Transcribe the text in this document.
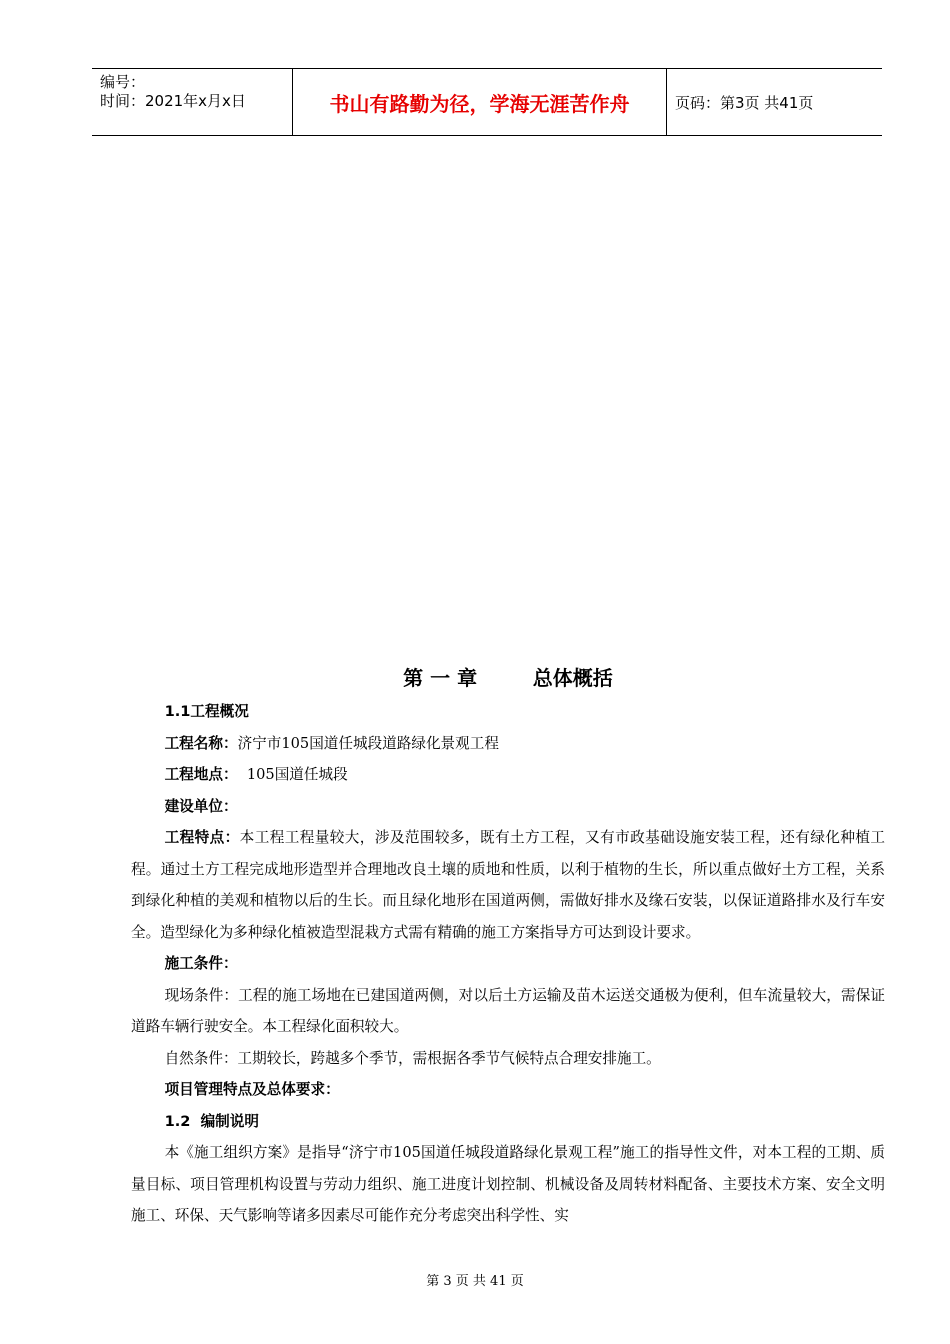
编号：
时间：2021年x月x日	书山有路勤为径，学海无涯苦作舟	页码：第3页 共41页
第 一 章        总体概括

1.1工程概况

工程名称：济宁市105国道任城段道路绿化景观工程

工程地点：  105国道任城段

建设单位：

工程特点：本工程工程量较大，涉及范围较多，既有土方工程，又有市政基础设施安装工程，还有绿化种植工程。通过土方工程完成地形造型并合理地改良土壤的质地和性质，以利于植物的生长，所以重点做好土方工程，关系到绿化种植的美观和植物以后的生长。而且绿化地形在国道两侧，需做好排水及缘石安装，以保证道路排水及行车安全。造型绿化为多种绿化植被造型混栽方式需有精确的施工方案指导方可达到设计要求。

施工条件：

现场条件：工程的施工场地在已建国道两侧，对以后土方运输及苗木运送交通极为便利，但车流量较大，需保证道路车辆行驶安全。本工程绿化面积较大。

自然条件：工期较长，跨越多个季节，需根据各季节气候特点合理安排施工。

项目管理特点及总体要求：

1.2  编制说明

本《施工组织方案》是指导“济宁市105国道任城段道路绿化景观工程”施工的指导性文件，对本工程的工期、质量目标、项目管理机构设置与劳动力组织、施工进度计划控制、机械设备及周转材料配备、主要技术方案、安全文明施工、环保、天气影响等诸多因素尽可能作充分考虑突出科学性、实

第 3 页 共 41 页
